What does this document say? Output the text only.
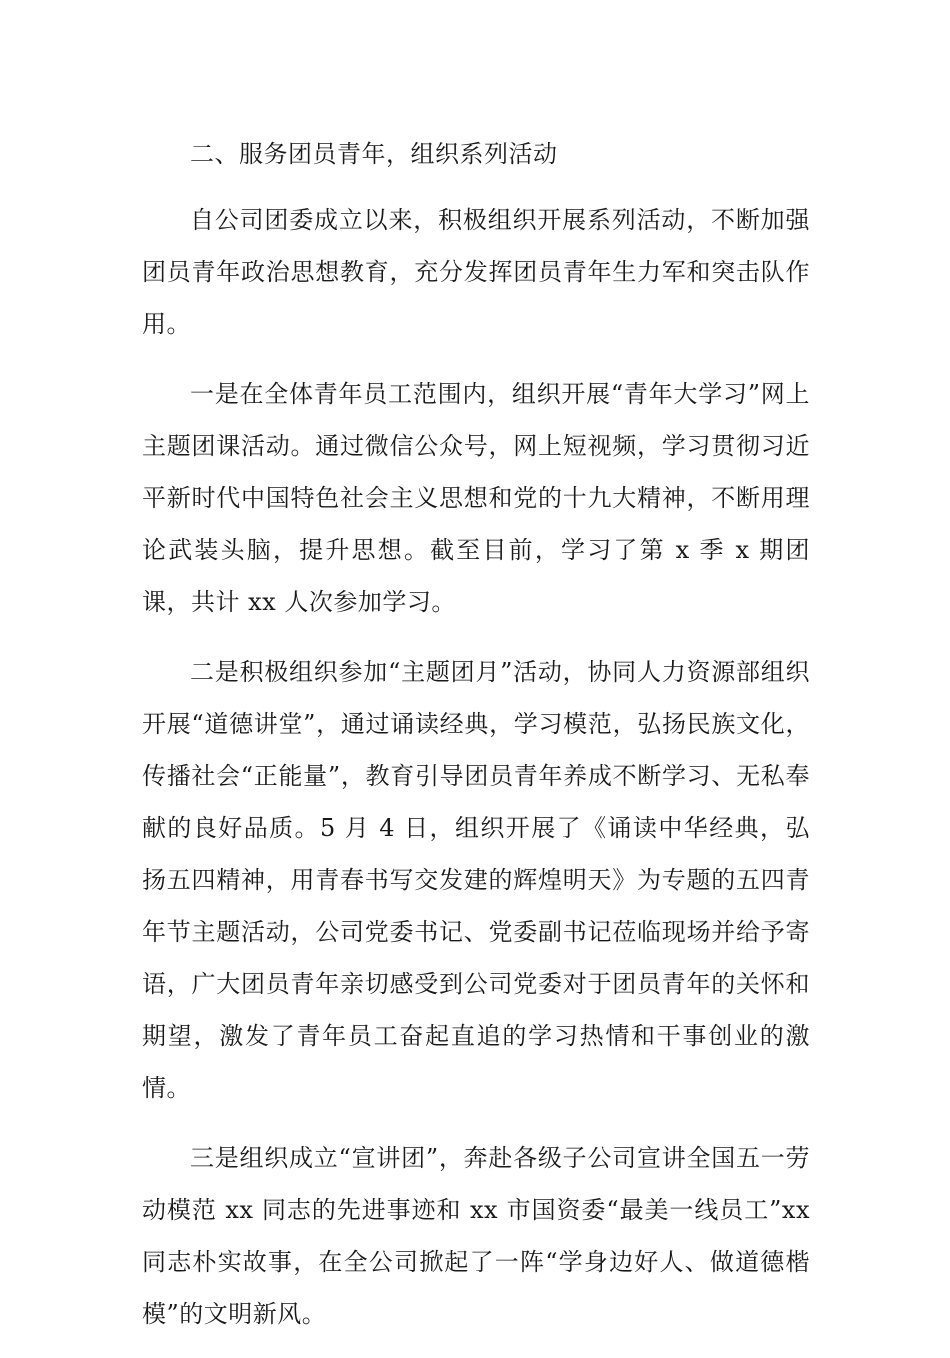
二、服务团员青年，组织系列活动

自公司团委成立以来，积极组织开展系列活动，不断加强团员青年政治思想教育，充分发挥团员青年生力军和突击队作用。

一是在全体青年员工范围内，组织开展“青年大学习”网上主题团课活动。通过微信公众号，网上短视频，学习贯彻习近平新时代中国特色社会主义思想和党的十九大精神，不断用理论武装头脑，提升思想。截至目前，学习了第 x 季 x 期团课，共计 xx 人次参加学习。

二是积极组织参加“主题团月”活动，协同人力资源部组织开展“道德讲堂”，通过诵读经典，学习模范，弘扬民族文化，传播社会“正能量”，教育引导团员青年养成不断学习、无私奉献的良好品质。5 月 4 日，组织开展了《诵读中华经典，弘扬五四精神，用青春书写交发建的辉煌明天》为专题的五四青年节主题活动，公司党委书记、党委副书记莅临现场并给予寄语，广大团员青年亲切感受到公司党委对于团员青年的关怀和期望，激发了青年员工奋起直追的学习热情和干事创业的激情。

三是组织成立“宣讲团”，奔赴各级子公司宣讲全国五一劳动模范 xx 同志的先进事迹和 xx 市国资委“最美一线员工”xx 同志朴实故事，在全公司掀起了一阵“学身边好人、做道德楷模”的文明新风。
